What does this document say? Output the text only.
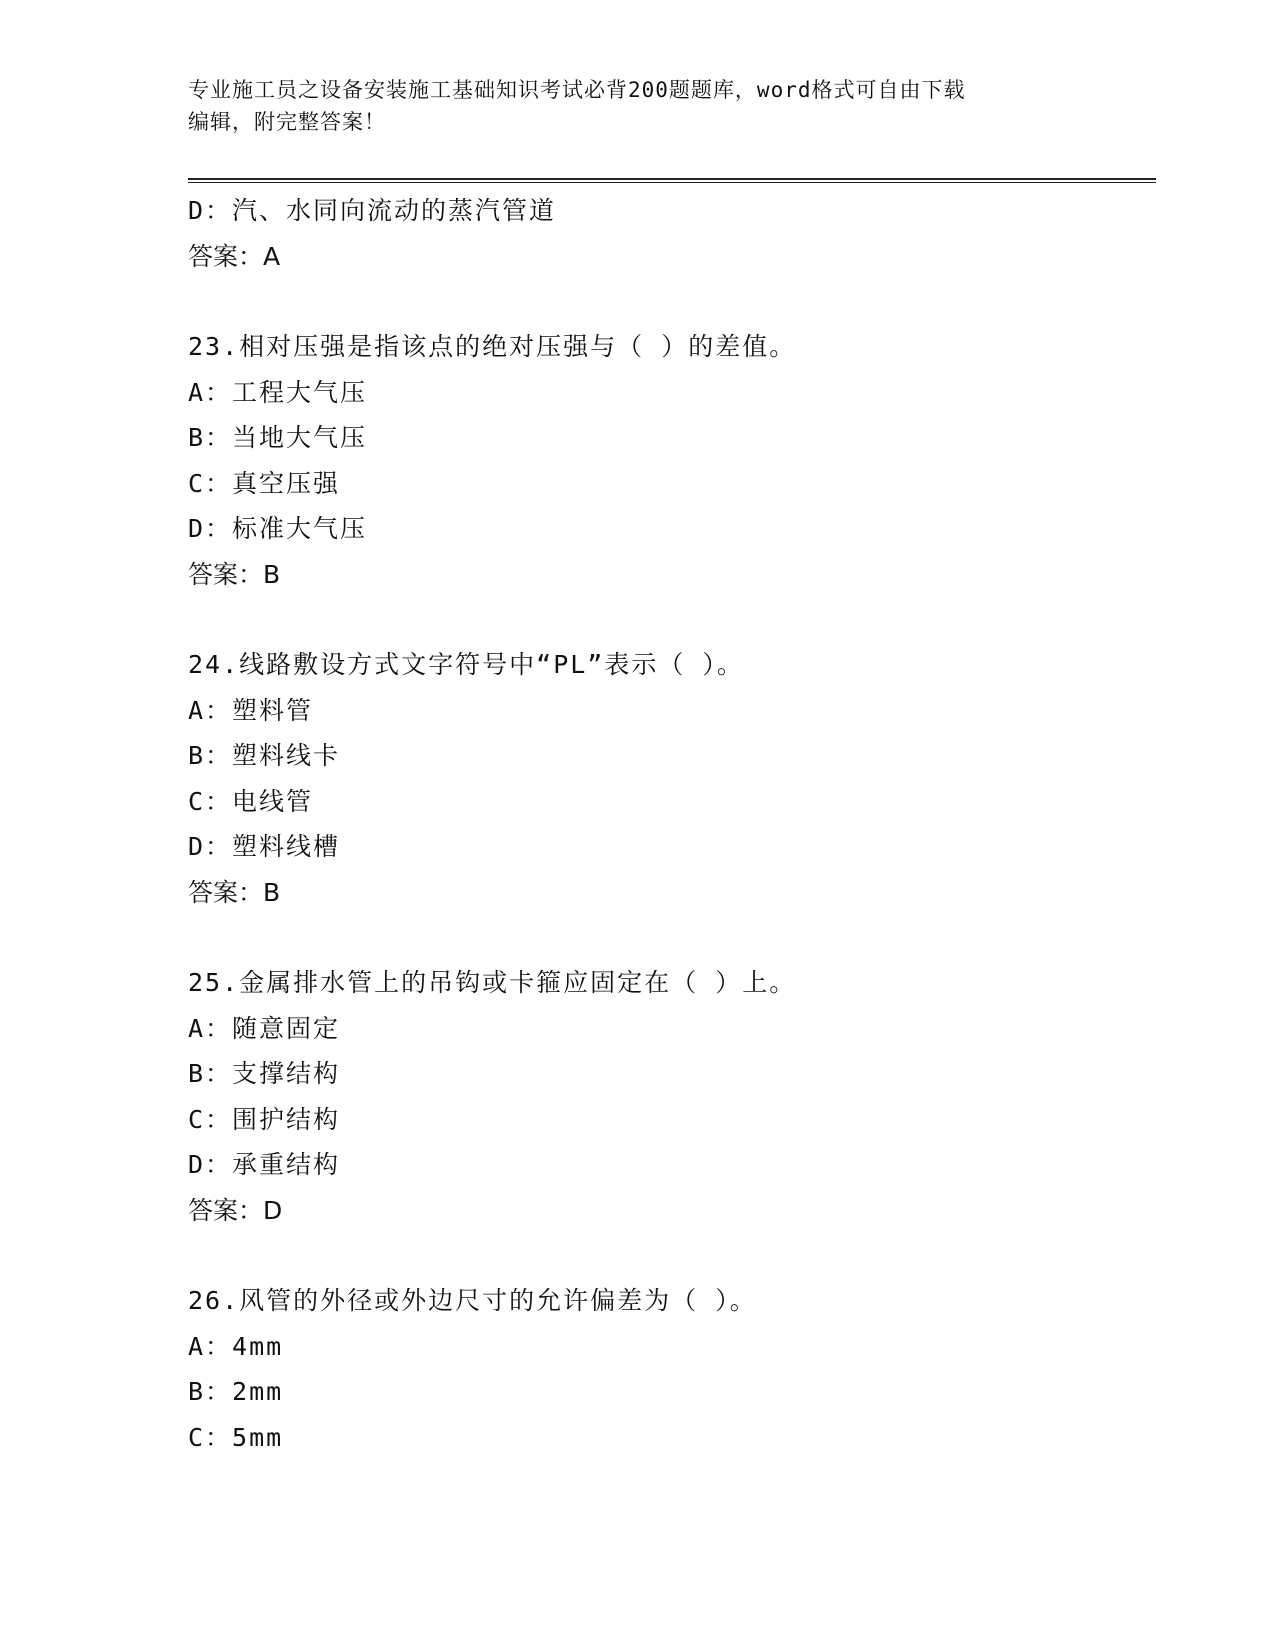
专业施工员之设备安装施工基础知识考试必背200题题库，word格式可自由下载
编辑，附完整答案！
D：汽、水同向流动的蒸汽管道
答案：A
23.相对压强是指该点的绝对压强与（ ）的差值。
A：工程大气压
B：当地大气压
C：真空压强
D：标准大气压
答案：B
24.线路敷设方式文字符号中“PL”表示（ ）。
A：塑料管
B：塑料线卡
C：电线管
D：塑料线槽
答案：B
25.金属排水管上的吊钩或卡箍应固定在（ ）上。
A：随意固定
B：支撑结构
C：围护结构
D：承重结构
答案：D
26.风管的外径或外边尺寸的允许偏差为（ ）。
A：4mm
B：2mm
C：5mm
